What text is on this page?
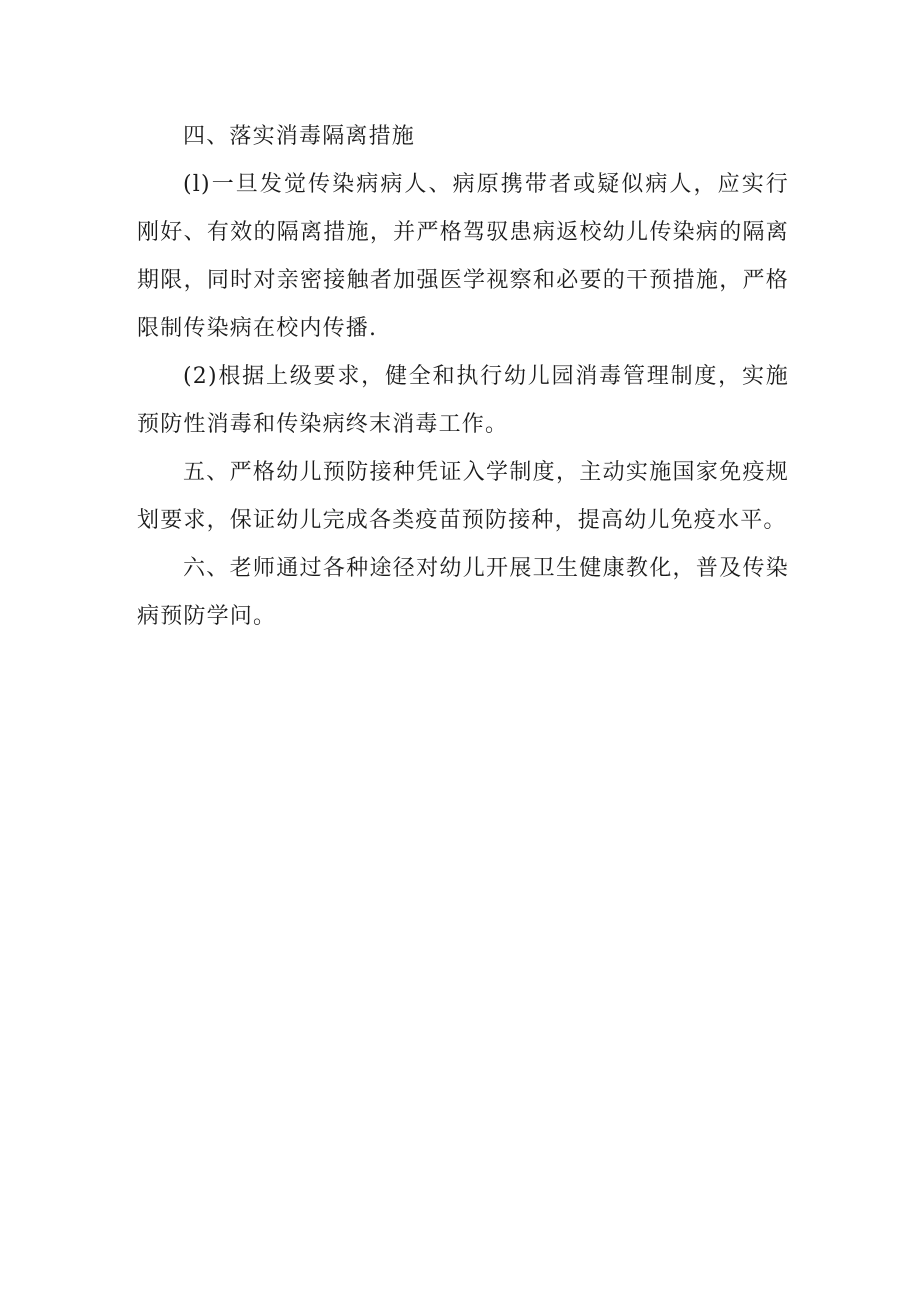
四、落实消毒隔离措施

(l)一旦发觉传染病病人、病原携带者或疑似病人，应实行刚好、有效的隔离措施，并严格驾驭患病返校幼儿传染病的隔离期限，同时对亲密接触者加强医学视察和必要的干预措施，严格限制传染病在校内传播.

(2)根据上级要求，健全和执行幼儿园消毒管理制度，实施预防性消毒和传染病终末消毒工作。

五、严格幼儿预防接种凭证入学制度，主动实施国家免疫规划要求，保证幼儿完成各类疫苗预防接种，提高幼儿免疫水平。

六、老师通过各种途径对幼儿开展卫生健康教化，普及传染病预防学问。
